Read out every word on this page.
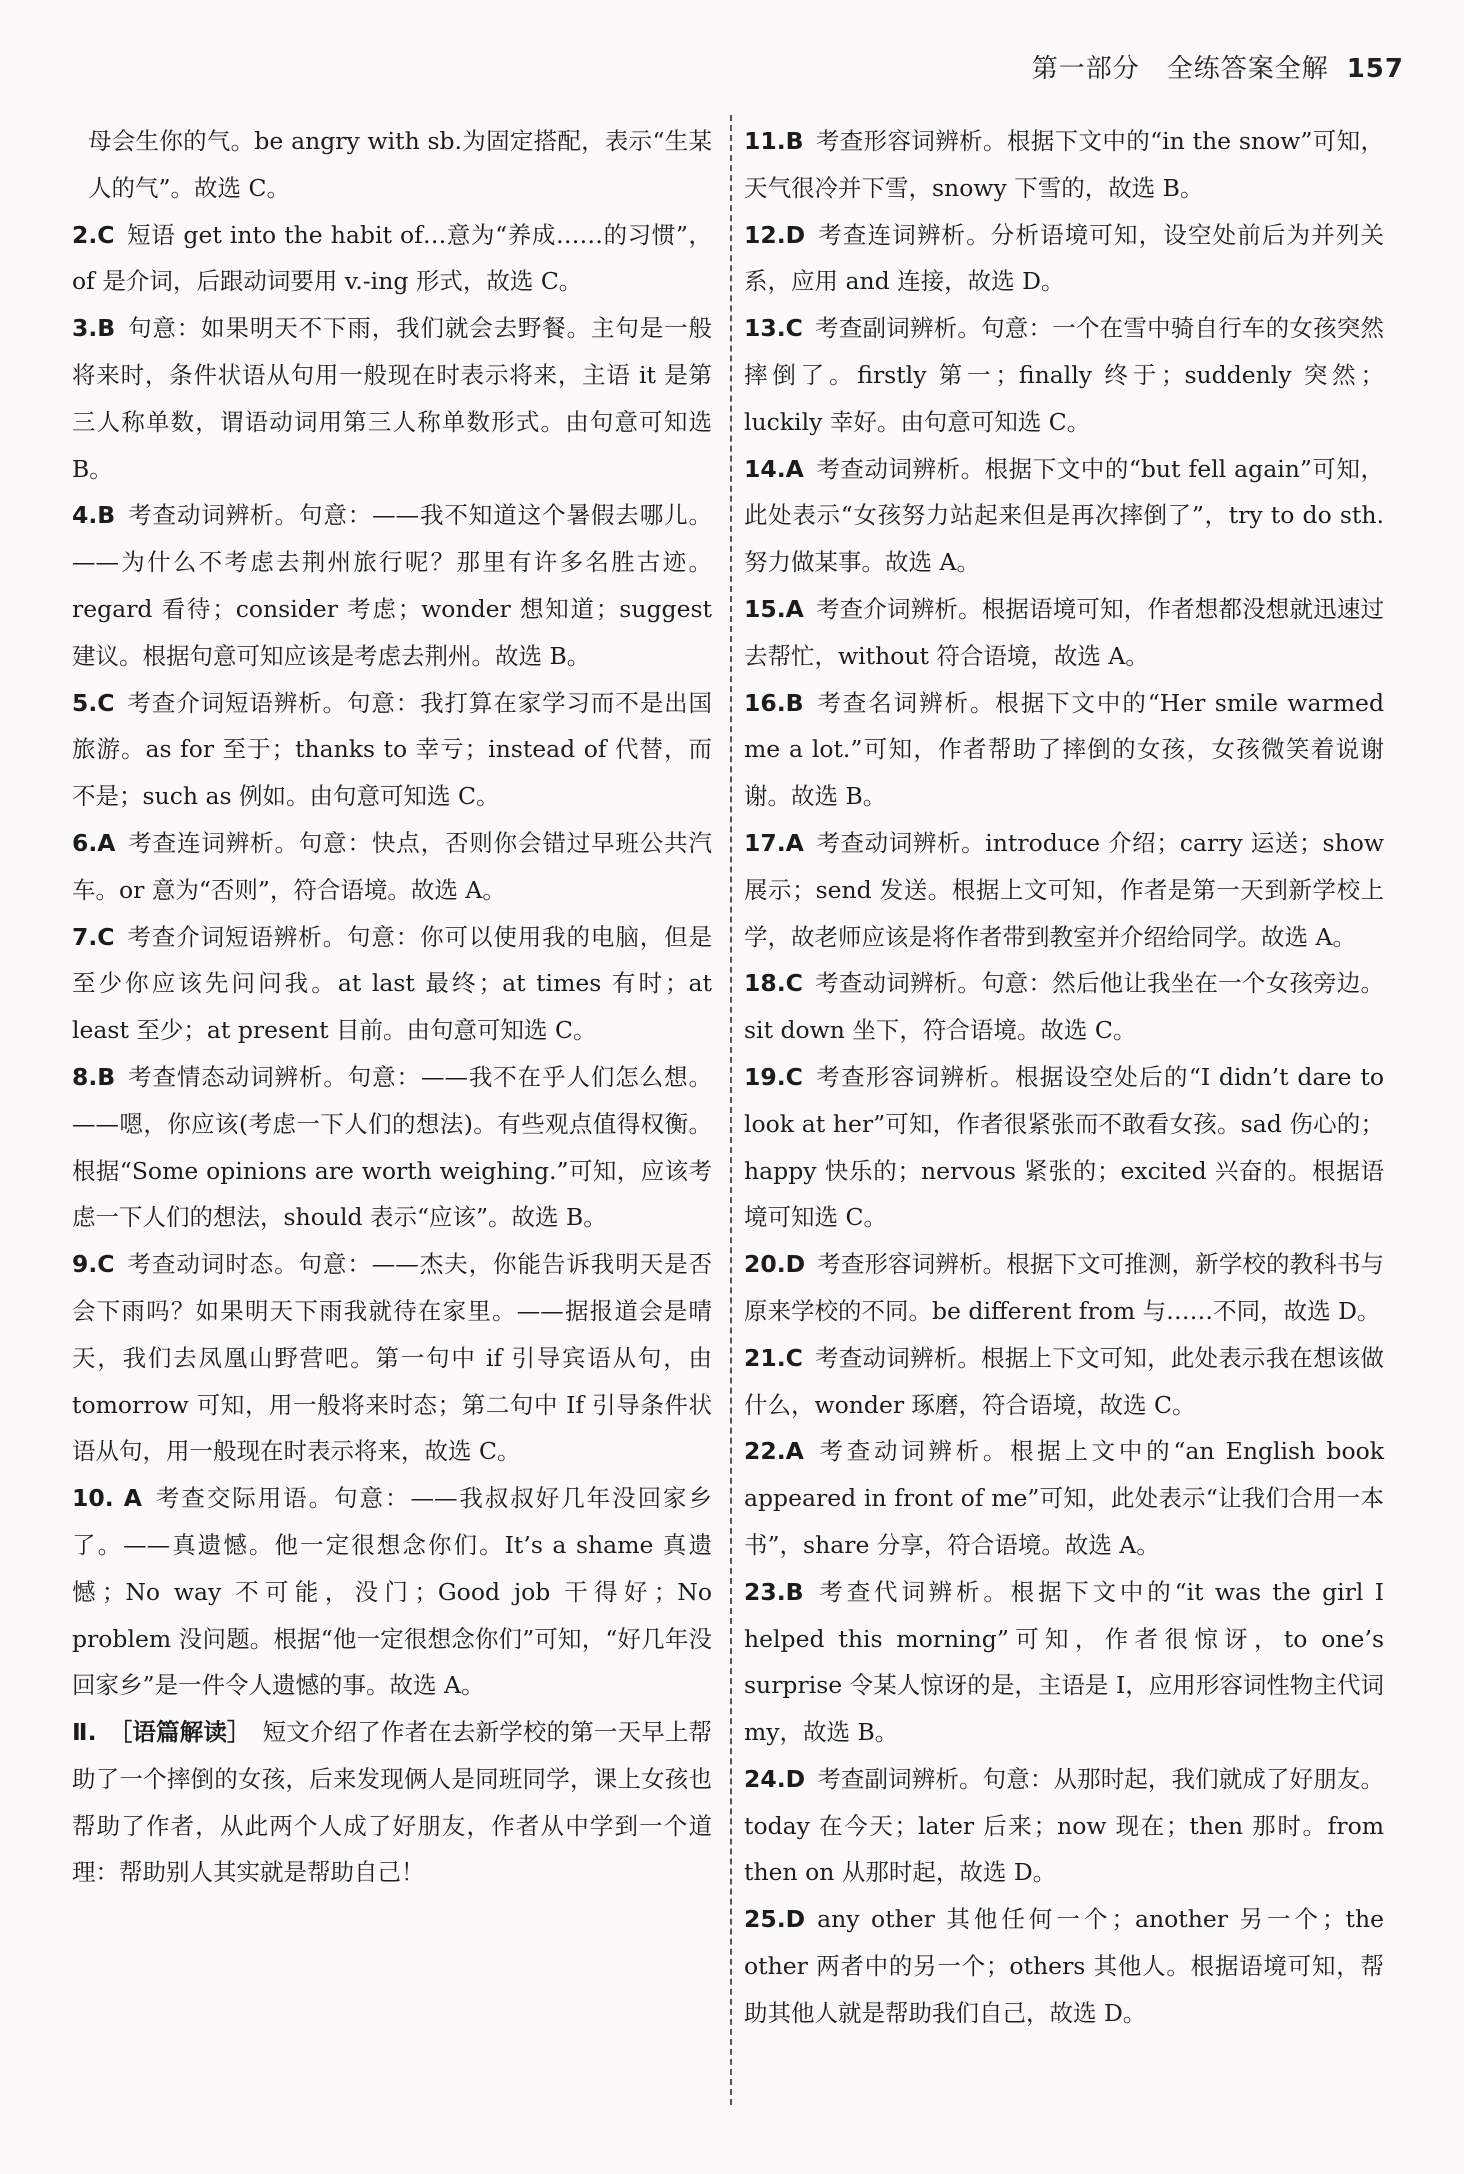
第一部分　全练答案全解 157
母会生你的气。be angry with sb.为固定搭配，表示“生某人的气”。故选 C。
2.C 短语 get into the habit of…意为“养成……的习惯”，of 是介词，后跟动词要用 v.-ing 形式，故选 C。
3.B 句意：如果明天不下雨，我们就会去野餐。主句是一般将来时，条件状语从句用一般现在时表示将来，主语 it 是第三人称单数，谓语动词用第三人称单数形式。由句意可知选 B。
4.B 考查动词辨析。句意：——我不知道这个暑假去哪儿。——为什么不考虑去荆州旅行呢？那里有许多名胜古迹。regard 看待；consider 考虑；wonder 想知道；suggest 建议。根据句意可知应该是考虑去荆州。故选 B。
5.C 考查介词短语辨析。句意：我打算在家学习而不是出国旅游。as for 至于；thanks to 幸亏；instead of 代替，而不是；such as 例如。由句意可知选 C。
6.A 考查连词辨析。句意：快点，否则你会错过早班公共汽车。or 意为“否则”，符合语境。故选 A。
7.C 考查介词短语辨析。句意：你可以使用我的电脑，但是至少你应该先问问我。at last 最终；at times 有时；at least 至少；at present 目前。由句意可知选 C。
8.B 考查情态动词辨析。句意：——我不在乎人们怎么想。——嗯，你应该(考虑一下人们的想法)。有些观点值得权衡。根据“Some opinions are worth weighing.”可知，应该考虑一下人们的想法，should 表示“应该”。故选 B。
9.C 考查动词时态。句意：——杰夫，你能告诉我明天是否会下雨吗？如果明天下雨我就待在家里。——据报道会是晴天，我们去凤凰山野营吧。第一句中 if 引导宾语从句，由 tomorrow 可知，用一般将来时态；第二句中 If 引导条件状语从句，用一般现在时表示将来，故选 C。
10. A 考查交际用语。句意：——我叔叔好几年没回家乡了。——真遗憾。他一定很想念你们。It’s a shame 真遗憾；No way 不可能，没门；Good job 干得好；No problem 没问题。根据“他一定很想念你们”可知，“好几年没回家乡”是一件令人遗憾的事。故选 A。
Ⅱ. ［语篇解读］　 短文介绍了作者在去新学校的第一天早上帮助了一个摔倒的女孩，后来发现俩人是同班同学，课上女孩也帮助了作者，从此两个人成了好朋友，作者从中学到一个道理：帮助别人其实就是帮助自己！
11.B 考查形容词辨析。根据下文中的“in the snow”可知，天气很冷并下雪，snowy 下雪的，故选 B。
12.D 考查连词辨析。分析语境可知，设空处前后为并列关系，应用 and 连接，故选 D。
13.C 考查副词辨析。句意：一个在雪中骑自行车的女孩突然摔倒了。firstly 第一；finally 终于；suddenly 突然；luckily 幸好。由句意可知选 C。
14.A 考查动词辨析。根据下文中的“but fell again”可知，此处表示“女孩努力站起来但是再次摔倒了”，try to do sth.努力做某事。故选 A。
15.A 考查介词辨析。根据语境可知，作者想都没想就迅速过去帮忙，without 符合语境，故选 A。
16.B 考查名词辨析。根据下文中的“Her smile warmed me a lot.”可知，作者帮助了摔倒的女孩，女孩微笑着说谢谢。故选 B。
17.A 考查动词辨析。introduce 介绍；carry 运送；show 展示；send 发送。根据上文可知，作者是第一天到新学校上学，故老师应该是将作者带到教室并介绍给同学。故选 A。
18.C 考查动词辨析。句意：然后他让我坐在一个女孩旁边。sit down 坐下，符合语境。故选 C。
19.C 考查形容词辨析。根据设空处后的“I didn’t dare to look at her”可知，作者很紧张而不敢看女孩。sad 伤心的；happy 快乐的；nervous 紧张的；excited 兴奋的。根据语境可知选 C。
20.D 考查形容词辨析。根据下文可推测，新学校的教科书与原来学校的不同。be different from 与……不同，故选 D。
21.C 考查动词辨析。根据上下文可知，此处表示我在想该做什么，wonder 琢磨，符合语境，故选 C。
22.A 考查动词辨析。根据上文中的“an English book appeared in front of me”可知，此处表示“让我们合用一本书”，share 分享，符合语境。故选 A。
23.B 考查代词辨析。根据下文中的“it was the girl I helped this morning”可知，作者很惊讶，to one’s surprise 令某人惊讶的是，主语是 I，应用形容词性物主代词 my，故选 B。
24.D 考查副词辨析。句意：从那时起，我们就成了好朋友。today 在今天；later 后来；now 现在；then 那时。from then on 从那时起，故选 D。
25.D any other 其他任何一个；another 另一个；the other 两者中的另一个；others 其他人。根据语境可知，帮助其他人就是帮助我们自己，故选 D。
